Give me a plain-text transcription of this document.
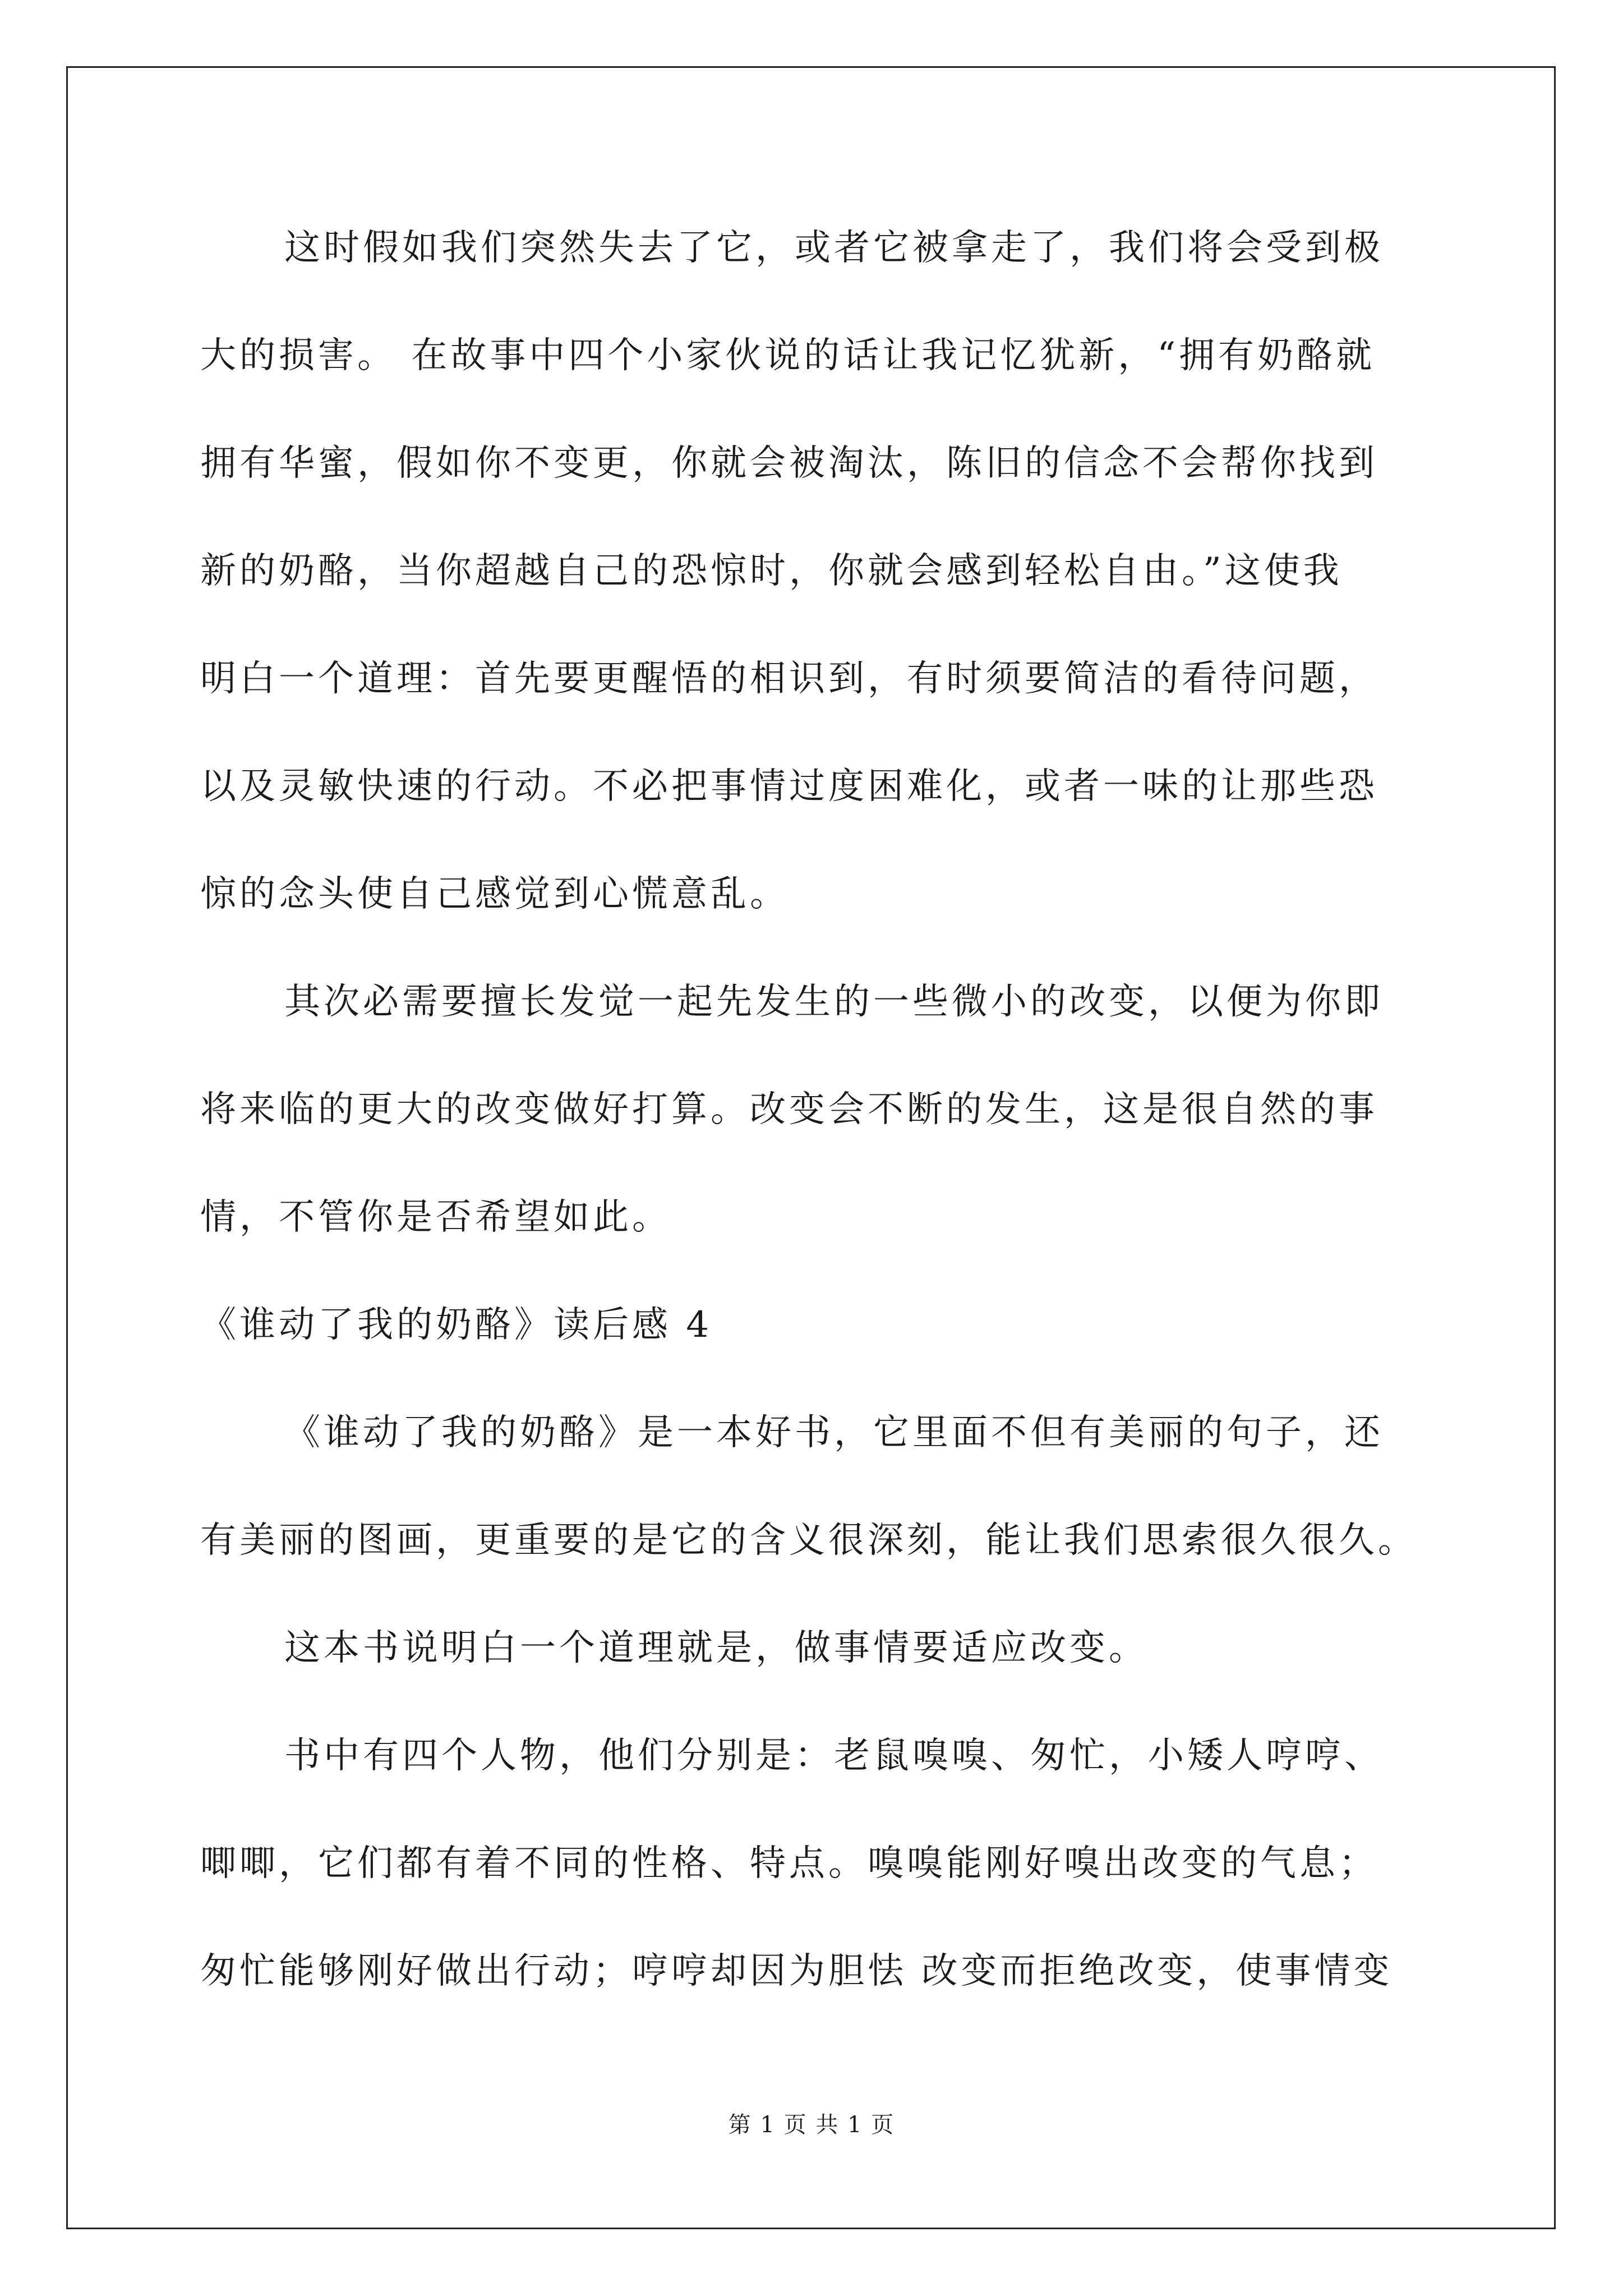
这时假如我们突然失去了它，或者它被拿走了，我们将会受到极
大的损害。 在故事中四个小家伙说的话让我记忆犹新，“拥有奶酪就
拥有华蜜，假如你不变更，你就会被淘汰，陈旧的信念不会帮你找到
新的奶酪，当你超越自己的恐惊时，你就会感到轻松自由。”这使我
明白一个道理：首先要更醒悟的相识到，有时须要简洁的看待问题，
以及灵敏快速的行动。不必把事情过度困难化，或者一味的让那些恐
惊的念头使自己感觉到心慌意乱。
其次必需要擅长发觉一起先发生的一些微小的改变，以便为你即
将来临的更大的改变做好打算。改变会不断的发生，这是很自然的事
情，不管你是否希望如此。
《谁动了我的奶酪》读后感 4
《谁动了我的奶酪》是一本好书，它里面不但有美丽的句子，还
有美丽的图画，更重要的是它的含义很深刻，能让我们思索很久很久。
这本书说明白一个道理就是，做事情要适应改变。
书中有四个人物，他们分别是：老鼠嗅嗅、匆忙，小矮人哼哼、
唧唧，它们都有着不同的性格、特点。嗅嗅能刚好嗅出改变的气息；
匆忙能够刚好做出行动；哼哼却因为胆怯 改变而拒绝改变，使事情变
第 1 页 共 1 页
